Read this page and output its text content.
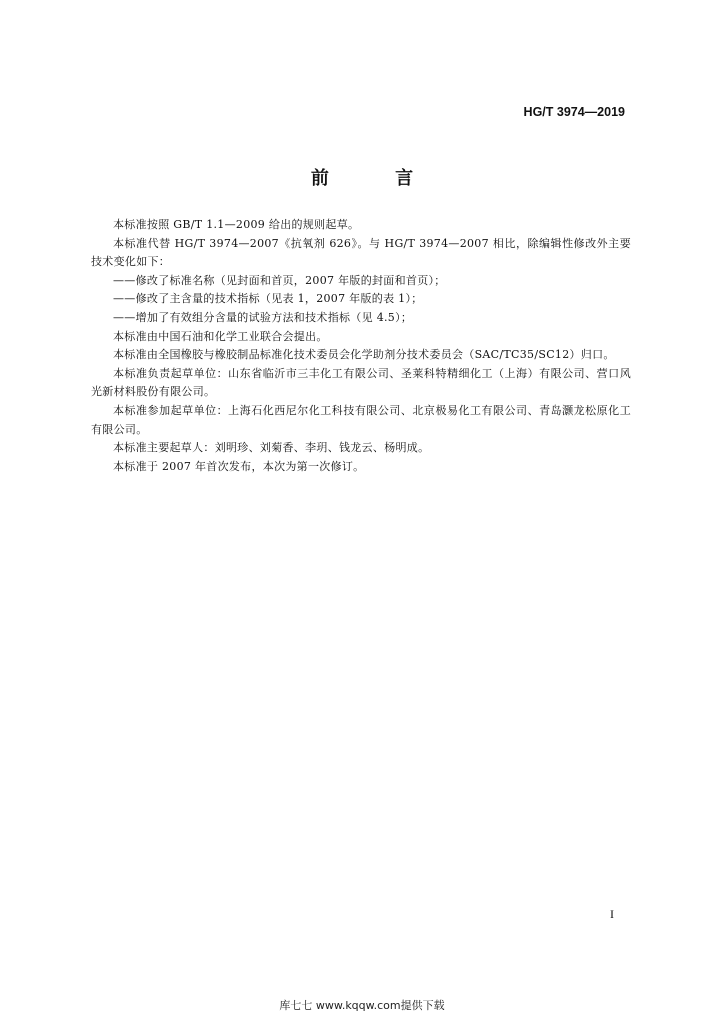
HG/T 3974—2019
前 言

本标准按照 GB/T 1.1—2009 给出的规则起草。

本标准代替 HG/T 3974—2007《抗氧剂 626》。与 HG/T 3974—2007 相比，除编辑性修改外主要技术变化如下：

——修改了标准名称（见封面和首页，2007 年版的封面和首页）；

——修改了主含量的技术指标（见表 1，2007 年版的表 1）；

——增加了有效组分含量的试验方法和技术指标（见 4.5）；

本标准由中国石油和化学工业联合会提出。

本标准由全国橡胶与橡胶制品标准化技术委员会化学助剂分技术委员会（SAC/TC35/SC12）归口。

本标准负责起草单位：山东省临沂市三丰化工有限公司、圣莱科特精细化工（上海）有限公司、营口风光新材料股份有限公司。

本标准参加起草单位：上海石化西尼尔化工科技有限公司、北京极易化工有限公司、青岛灏龙松原化工有限公司。

本标准主要起草人：刘明珍、刘菊香、李玥、钱龙云、杨明成。

本标准于 2007 年首次发布，本次为第一次修订。

I
库七七 www.kqqw.com提供下载
